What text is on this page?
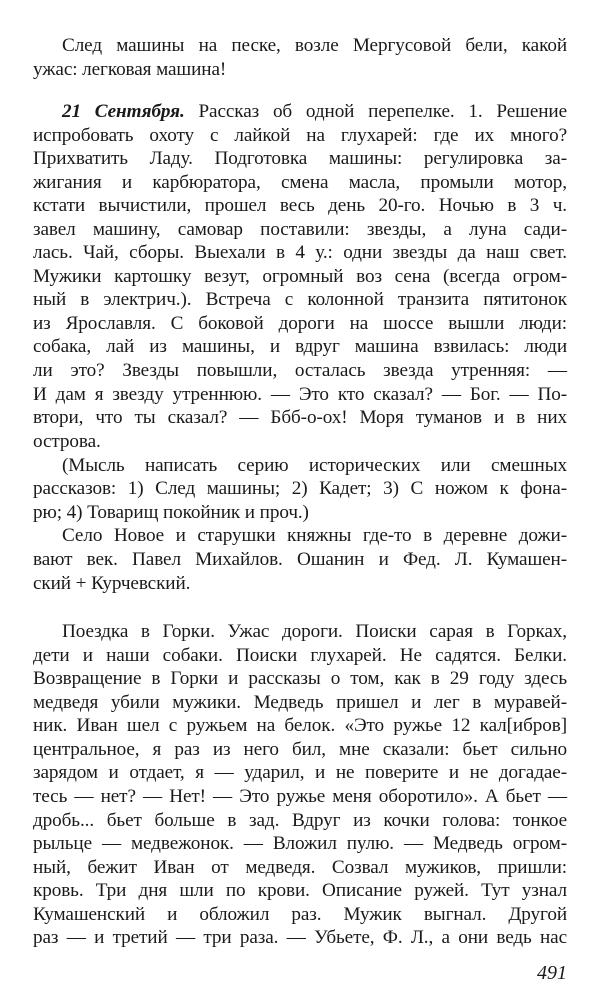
След машины на песке, возле Мергусовой бели, какой
ужас: легковая машина!
21 Сентября. Рассказ об одной перепелке. 1. Решение
испробовать охоту с лайкой на глухарей: где их много?
Прихватить Ладу. Подготовка машины: регулировка за-
жигания и карбюратора, смена масла, промыли мотор,
кстати вычистили, прошел весь день 20-го. Ночью в 3 ч.
завел машину, самовар поставили: звезды, а луна сади-
лась. Чай, сборы. Выехали в 4 у.: одни звезды да наш свет.
Мужики картошку везут, огромный воз сена (всегда огром-
ный в электрич.). Встреча с колонной транзита пятитонок
из Ярославля. С боковой дороги на шоссе вышли люди:
собака, лай из машины, и вдруг машина взвилась: люди
ли это? Звезды повышли, осталась звезда утренняя: —
И дам я звезду утреннюю. — Это кто сказал? — Бог. — По-
втори, что ты сказал? — Ббб-о-ох! Моря туманов и в них
острова.
(Мысль написать серию исторических или смешных
рассказов: 1) След машины; 2) Кадет; 3) С ножом к фона-
рю; 4) Товарищ покойник и проч.)
Село Новое и старушки княжны где-то в деревне дожи-
вают век. Павел Михайлов. Ошанин и Фед. Л. Кумашен-
ский + Курчевский.
Поездка в Горки. Ужас дороги. Поиски сарая в Горках,
дети и наши собаки. Поиски глухарей. Не садятся. Белки.
Возвращение в Горки и рассказы о том, как в 29 году здесь
медведя убили мужики. Медведь пришел и лег в муравей-
ник. Иван шел с ружьем на белок. «Это ружье 12 кал[ибров]
центральное, я раз из него бил, мне сказали: бьет сильно
зарядом и отдает, я — ударил, и не поверите и не догадае-
тесь — нет? — Нет! — Это ружье меня оборотило». А бьет —
дробь... бьет больше в зад. Вдруг из кочки голова: тонкое
рыльце — медвежонок. — Вложил пулю. — Медведь огром-
ный, бежит Иван от медведя. Созвал мужиков, пришли:
кровь. Три дня шли по крови. Описание ружей. Тут узнал
Кумашенский и обложил раз. Мужик выгнал. Другой
раз — и третий — три раза. — Убьете, Ф. Л., а они ведь нас
491
